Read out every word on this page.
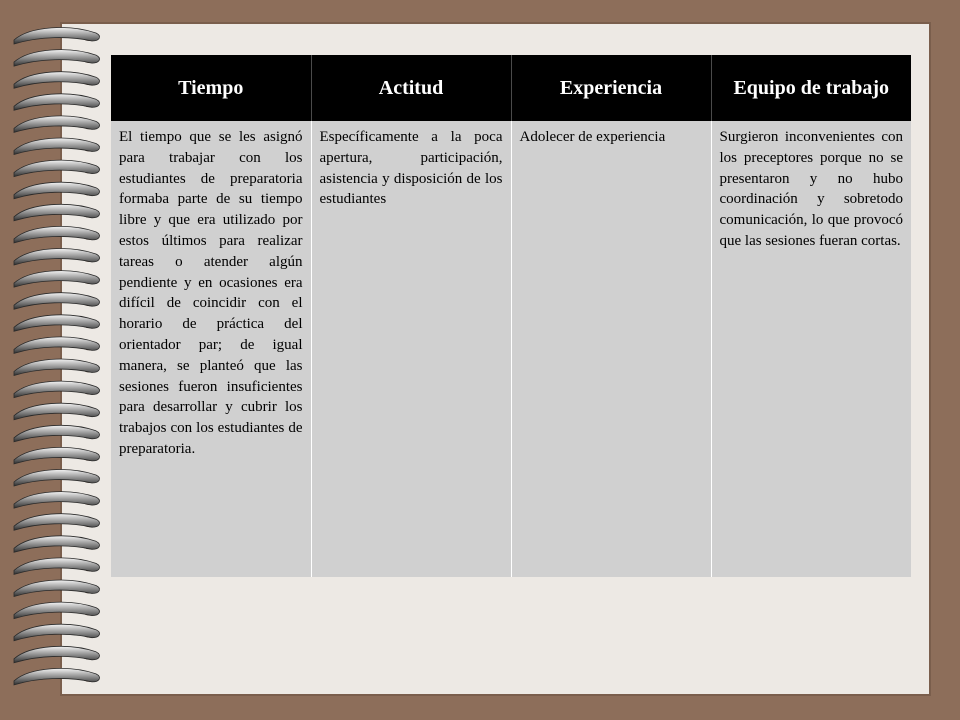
Tiempo	Actitud	Experiencia	Equipo de trabajo
El tiempo que se les asignó para trabajar con los estudiantes de preparatoria formaba parte de su tiempo libre y que era utilizado por estos últimos para realizar tareas o atender algún pendiente y en ocasiones era difícil de coincidir con el horario de práctica del orientador par; de igual manera, se planteó que las sesiones fueron insuficientes para desarrollar y cubrir los trabajos con los estudiantes de preparatoria.	Específicamente a la poca apertura, participación, asistencia y disposición de los estudiantes	Adolecer de experiencia	Surgieron inconvenientes con los preceptores porque no se presentaron y no hubo coordinación y sobretodo comunicación, lo que provocó que las sesiones fueran cortas.
